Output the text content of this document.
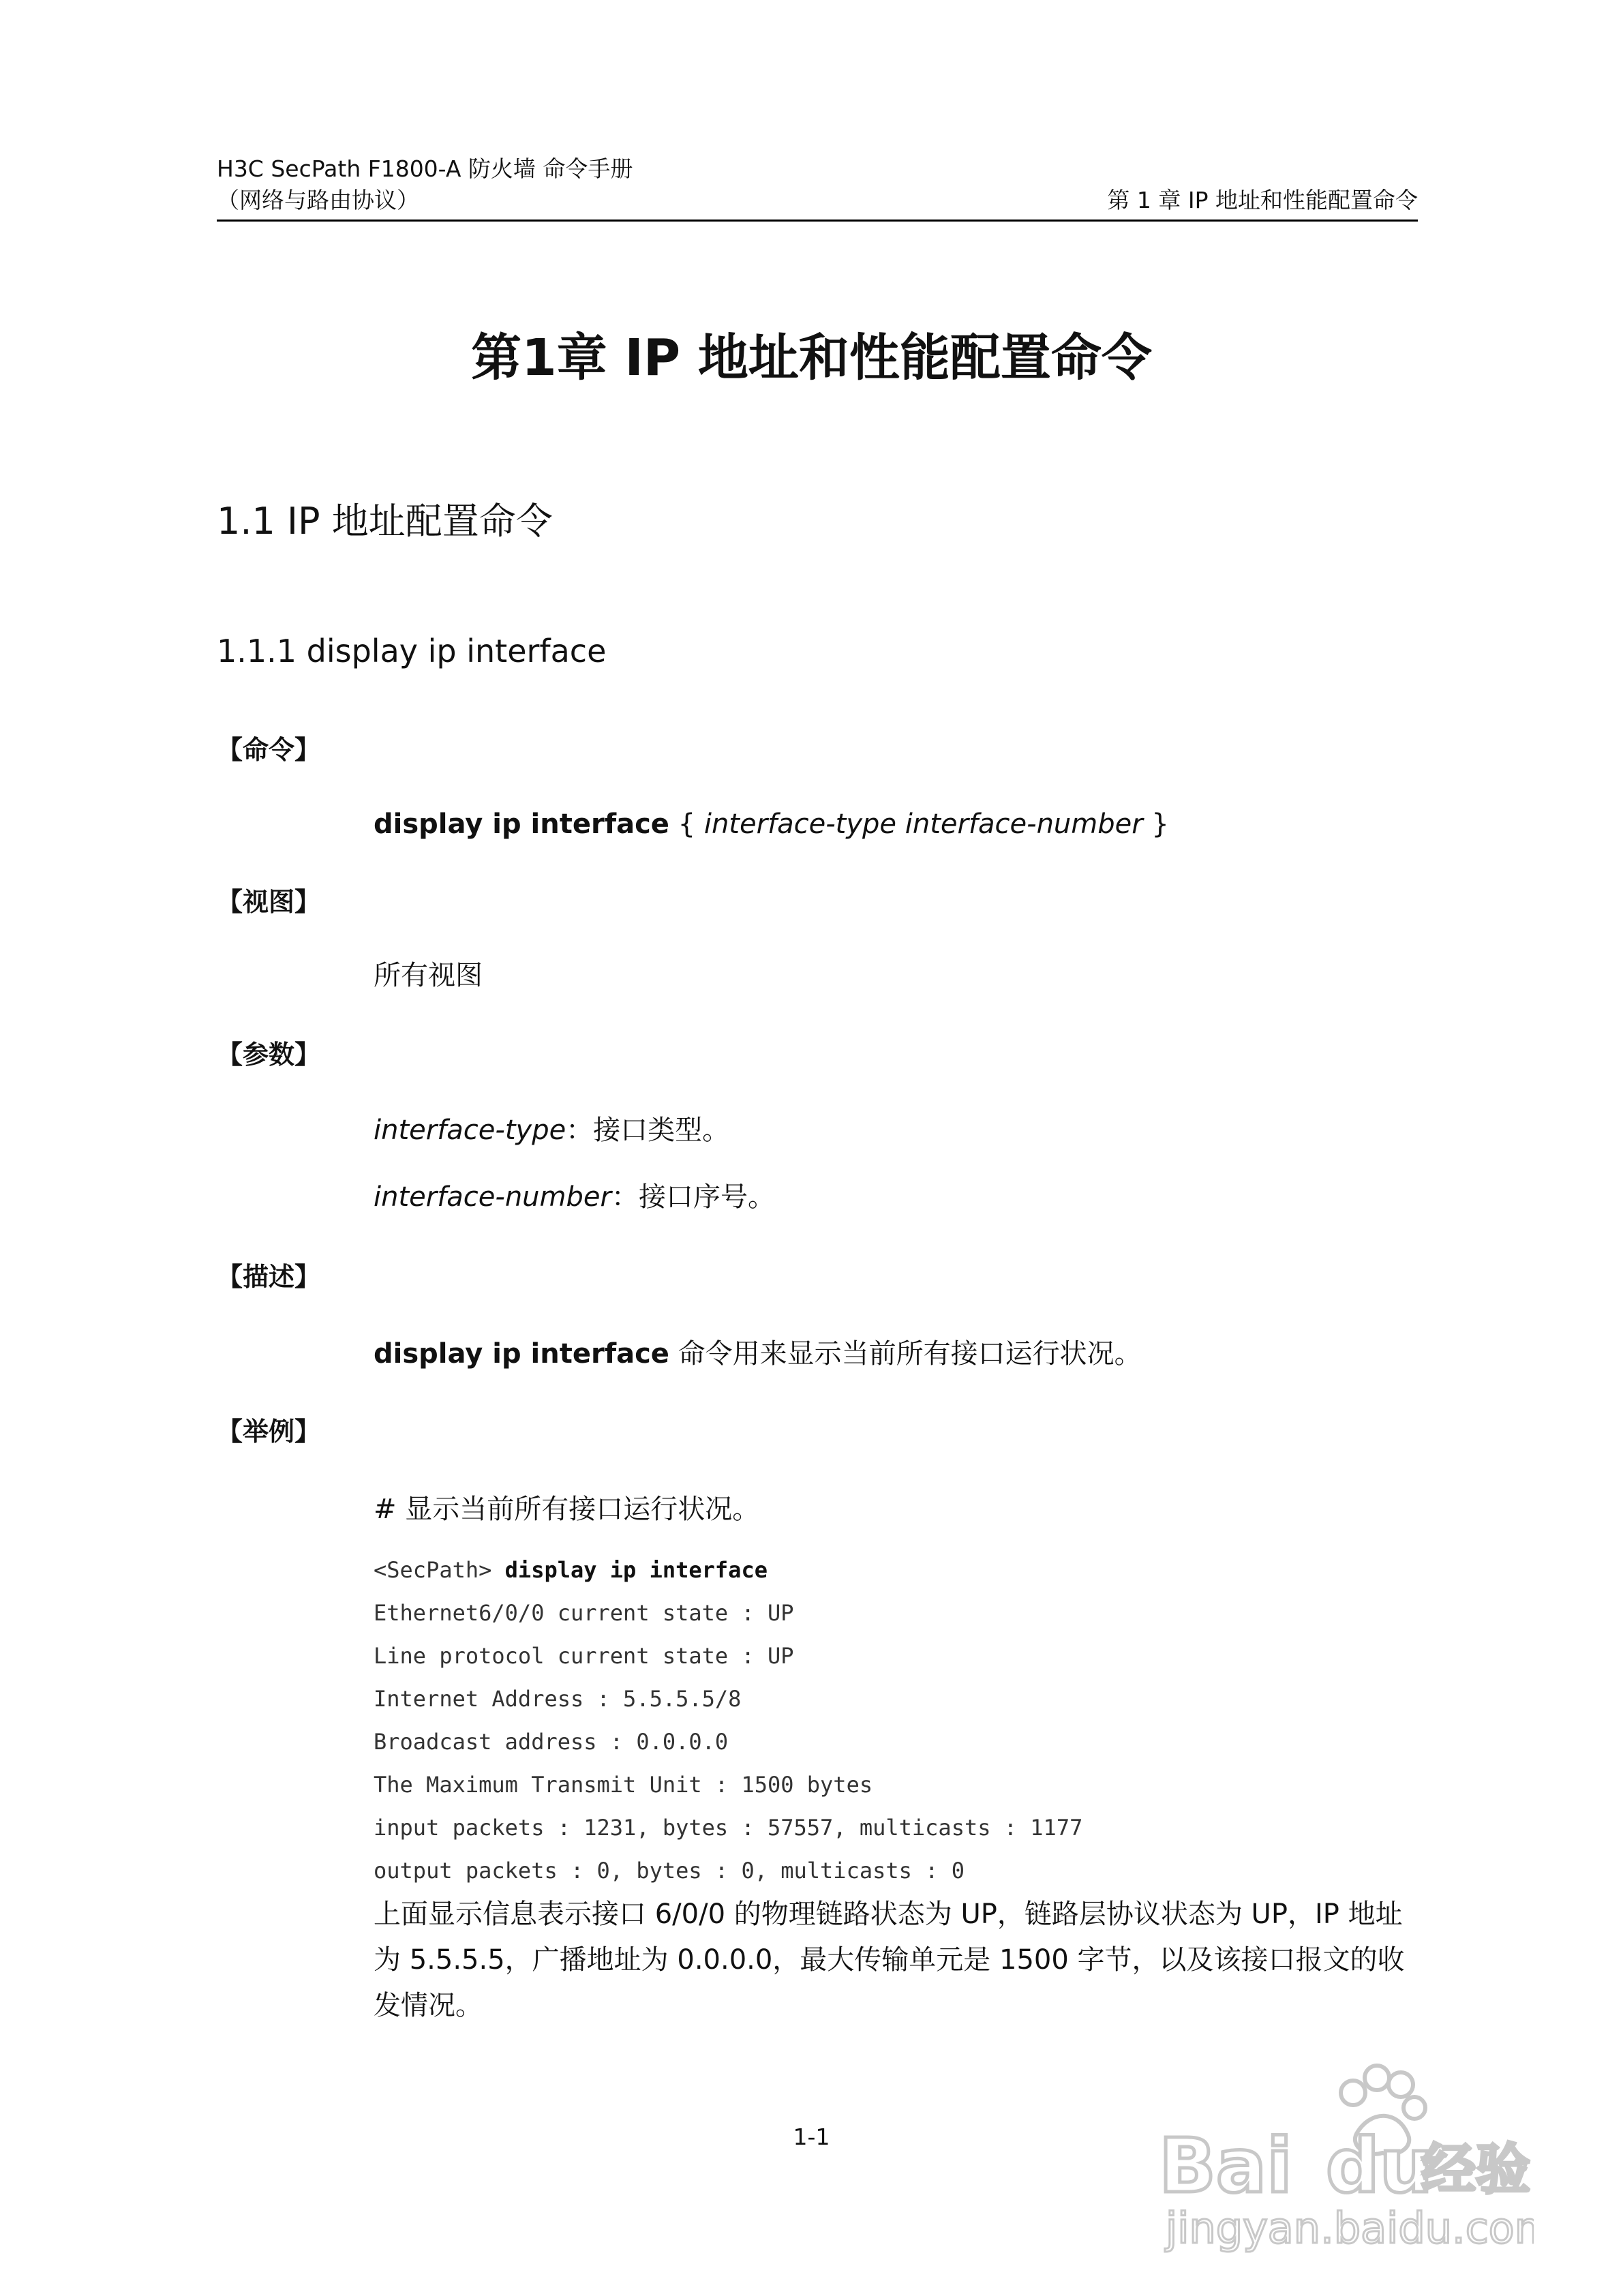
H3C SecPath F1800-A 防火墙 命令手册
（网络与路由协议）	第 1 章 IP 地址和性能配置命令
第1章 IP 地址和性能配置命令
1.1 IP 地址配置命令
1.1.1 display ip interface
【命令】
display ip interface { interface-type interface-number }
【视图】
所有视图
【参数】
interface-type：接口类型。
interface-number：接口序号。
【描述】
display ip interface 命令用来显示当前所有接口运行状况。
【举例】
# 显示当前所有接口运行状况。
<SecPath> display ip interface
Ethernet6/0/0 current state : UP
Line protocol current state : UP
Internet Address : 5.5.5.5/8
Broadcast address : 0.0.0.0
The Maximum Transmit Unit : 1500 bytes
input packets : 1231, bytes : 57557, multicasts : 1177
output packets : 0, bytes : 0, multicasts : 0
上面显示信息表示接口 6/0/0 的物理链路状态为 UP，链路层协议状态为 UP，IP 地址为 5.5.5.5，广播地址为 0.0.0.0，最大传输单元是 1500 字节，以及该接口报文的收发情况。
1-1	Bai du
经验
jingyan.baidu.com
